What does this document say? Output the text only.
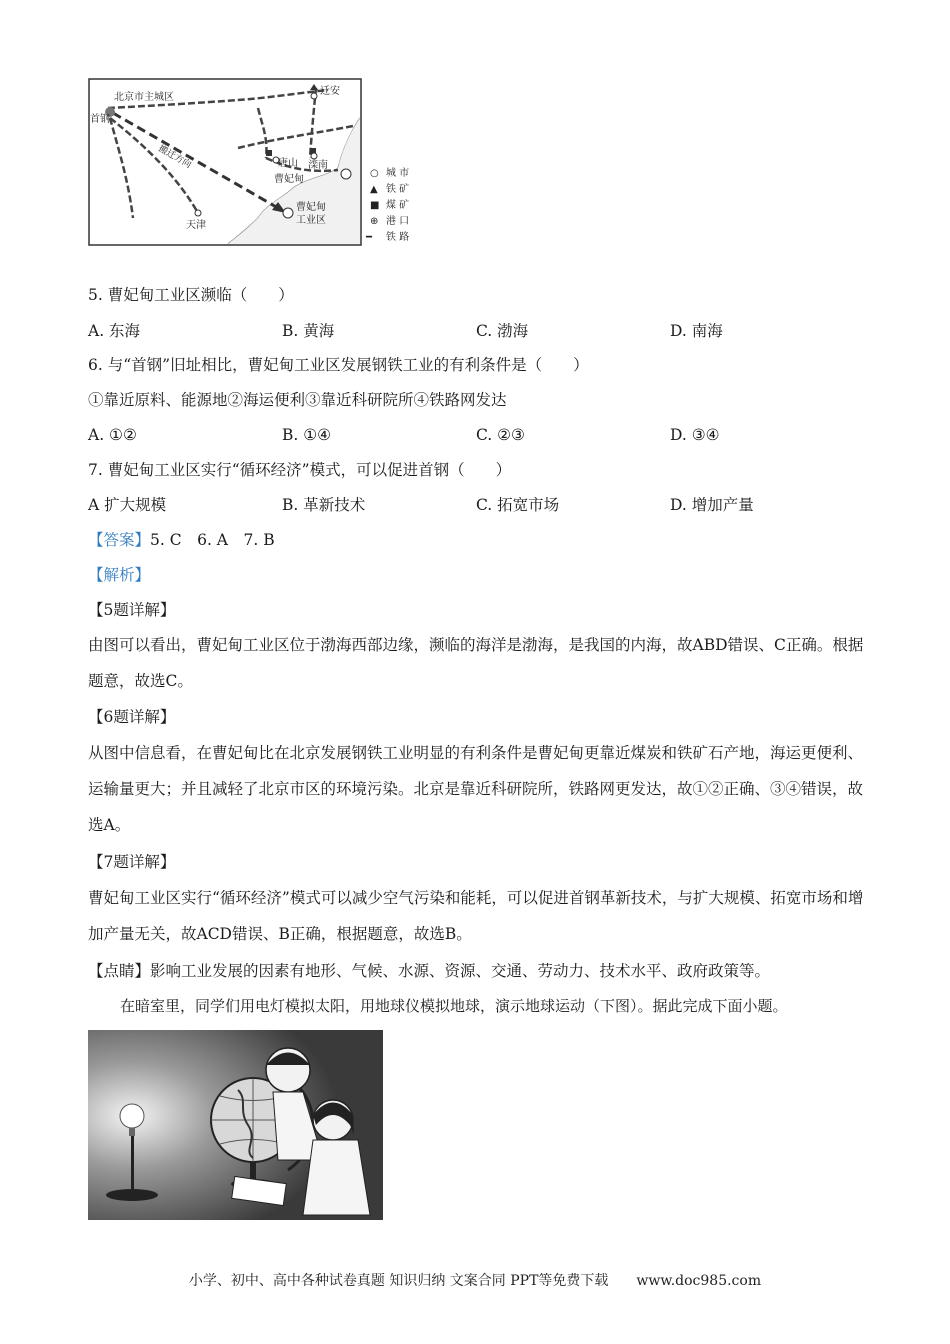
北京市主城区
首钢
迁安
唐山 滦南
曹妃甸
曹妃甸
工业区
天津
搬迁方向
○ 城 市
▲ 铁 矿
■ 煤 矿
⊕ 港 口
━ 铁 路
5. 曹妃甸工业区濒临（　　）
A. 东海	B. 黄海	C. 渤海	D. 南海
6. 与“首钢”旧址相比，曹妃甸工业区发展钢铁工业的有利条件是（　　）
①靠近原料、能源地②海运便利③靠近科研院所④铁路网发达
A. ①②	B. ①④	C. ②③	D. ③④
7. 曹妃甸工业区实行“循环经济”模式，可以促进首钢（　　）
A 扩大规模	B. 革新技术	C. 拓宽市场	D. 增加产量
【答案】5. C　6. A　7. B
【解析】
【5题详解】
由图可以看出，曹妃甸工业区位于渤海西部边缘，濒临的海洋是渤海，是我国的内海，故ABD错误、C正确。根据题意，故选C。
【6题详解】
从图中信息看，在曹妃甸比在北京发展钢铁工业明显的有利条件是曹妃甸更靠近煤炭和铁矿石产地，海运更便利、运输量更大；并且减轻了北京市区的环境污染。北京是靠近科研院所，铁路网更发达，故①②正确、③④错误，故选A。
【7题详解】
曹妃甸工业区实行“循环经济”模式可以减少空气污染和能耗，可以促进首钢革新技术，与扩大规模、拓宽市场和增加产量无关，故ACD错误、B正确，根据题意，故选B。
【点睛】影响工业发展的因素有地形、气候、水源、资源、交通、劳动力、技术水平、政府政策等。
在暗室里，同学们用电灯模拟太阳，用地球仪模拟地球，演示地球运动（下图）。据此完成下面小题。
小学、初中、高中各种试卷真题 知识归纳 文案合同 PPT等免费下载　　www.doc985.com
